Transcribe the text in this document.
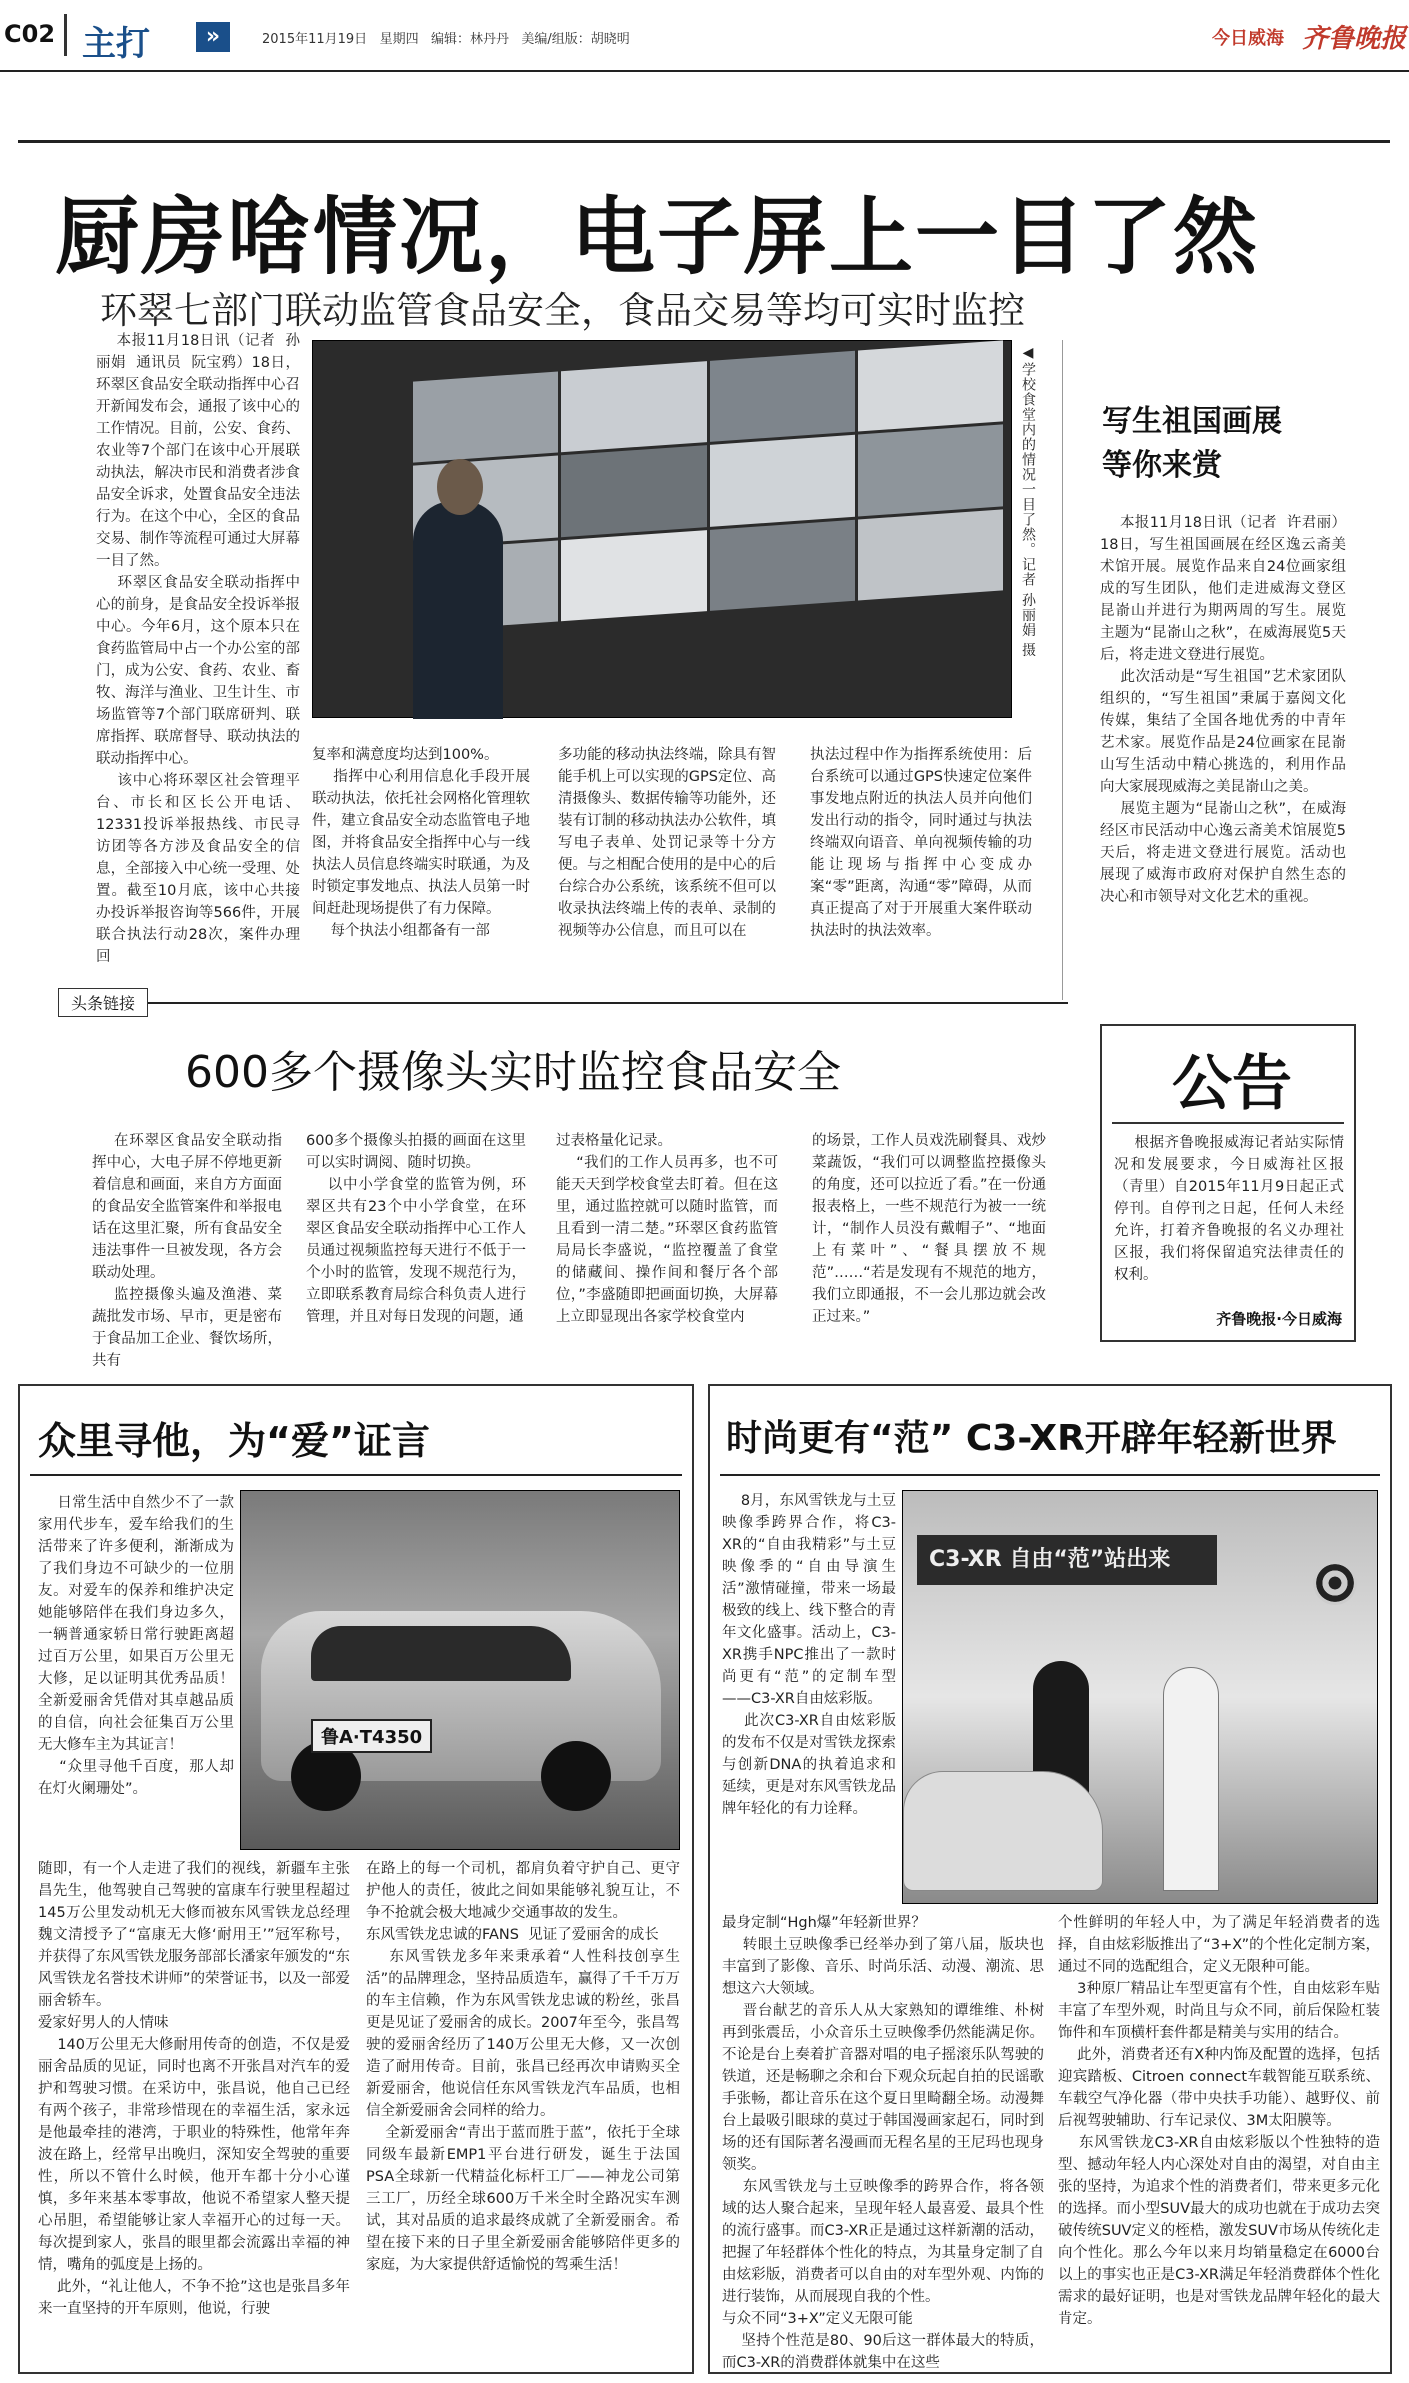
C02 主打	»	2015年11月19日   星期四   编辑：林丹丹   美编/组版：胡晓明	今日威海 齐鲁晚报
厨房啥情况，电子屏上一目了然
环翠七部门联动监管食品安全，食品交易等均可实时监控
◀学校食堂内的情况一目了然。记者 孙丽娟 摄
本报11月18日讯（记者  孙丽娟  通讯员  阮宝鸦）18日，环翠区食品安全联动指挥中心召开新闻发布会，通报了该中心的工作情况。目前，公安、食药、农业等7个部门在该中心开展联动执法，解决市民和消费者涉食品安全诉求，处置食品安全违法行为。在这个中心，全区的食品交易、制作等流程可通过大屏幕一目了然。
环翠区食品安全联动指挥中心的前身，是食品安全投诉举报中心。今年6月，这个原本只在食药监管局中占一个办公室的部门，成为公安、食药、农业、畜牧、海洋与渔业、卫生计生、市场监管等7个部门联席研判、联席指挥、联席督导、联动执法的联动指挥中心。
该中心将环翠区社会管理平台、市长和区长公开电话、12331投诉举报热线、市民寻访团等各方涉及食品安全的信息，全部接入中心统一受理、处置。截至10月底，该中心共接办投诉举报咨询等566件，开展联合执法行动28次，案件办理回
复率和满意度均达到100%。
指挥中心利用信息化手段开展联动执法，依托社会网格化管理软件，建立食品安全动态监管电子地图，并将食品安全指挥中心与一线执法人员信息终端实时联通，为及时锁定事发地点、执法人员第一时间赶赴现场提供了有力保障。
每个执法小组都备有一部
多功能的移动执法终端，除具有智能手机上可以实现的GPS定位、高清摄像头、数据传输等功能外，还装有订制的移动执法办公软件，填写电子表单、处罚记录等十分方便。与之相配合使用的是中心的后台综合办公系统，该系统不但可以收录执法终端上传的表单、录制的视频等办公信息，而且可以在
执法过程中作为指挥系统使用：后台系统可以通过GPS快速定位案件事发地点附近的执法人员并向他们发出行动的指令，同时通过与执法终端双向语音、单向视频传输的功能让现场与指挥中心变成办案“零”距离，沟通“零”障碍，从而真正提高了对于开展重大案件联动执法时的执法效率。
写生祖国画展
等你来赏
本报11月18日讯（记者  许君丽）18日，写生祖国画展在经区逸云斋美术馆开展。展览作品来自24位画家组成的写生团队，他们走进威海文登区昆嵛山并进行为期两周的写生。展览主题为“昆嵛山之秋”，在威海展览5天后，将走进文登进行展览。
此次活动是“写生祖国”艺术家团队组织的，“写生祖国”秉属于嘉阅文化传媒，集结了全国各地优秀的中青年艺术家。展览作品是24位画家在昆嵛山写生活动中精心挑选的，利用作品向大家展现威海之美昆嵛山之美。
展览主题为“昆嵛山之秋”，在威海经区市民活动中心逸云斋美术馆展览5天后，将走进文登进行展览。活动也展现了威海市政府对保护自然生态的决心和市领导对文化艺术的重视。
头条链接
600多个摄像头实时监控食品安全
在环翠区食品安全联动指挥中心，大电子屏不停地更新着信息和画面，来自方方面面的食品安全监管案件和举报电话在这里汇聚，所有食品安全违法事件一旦被发现，各方会联动处理。
监控摄像头遍及渔港、菜蔬批发市场、早市，更是密布于食品加工企业、餐饮场所，共有
600多个摄像头拍摄的画面在这里可以实时调阅、随时切换。
以中小学食堂的监管为例，环翠区共有23个中小学食堂，在环翠区食品安全联动指挥中心工作人员通过视频监控每天进行不低于一个小时的监管，发现不规范行为，立即联系教育局综合科负责人进行管理，并且对每日发现的问题，通
过表格量化记录。
“我们的工作人员再多，也不可能天天到学校食堂去盯着。但在这里，通过监控就可以随时监管，而且看到一清二楚。”环翠区食药监管局局长李盛说，“监控覆盖了食堂的储藏间、操作间和餐厅各个部位，”李盛随即把画面切换，大屏幕上立即显现出各家学校食堂内
的场景，工作人员戏洗刷餐具、戏炒菜蔬饭，“我们可以调整监控摄像头的角度，还可以拉近了看。”在一份通报表格上，一些不规范行为被一一统计，“制作人员没有戴帽子”、“地面上有菜叶”、“餐具摆放不规范”……“若是发现有不规范的地方，我们立即通报，不一会儿那边就会改正过来。”
公告
根据齐鲁晚报威海记者站实际情况和发展要求，今日威海社区报（青里）自2015年11月9日起正式停刊。自停刊之日起，任何人未经允许，打着齐鲁晚报的名义办理社区报，我们将保留追究法律责任的权利。
齐鲁晚报·今日威海
众里寻他，为“爱”证言
鲁A·T4350
日常生活中自然少不了一款家用代步车，爱车给我们的生活带来了许多便利，渐渐成为了我们身边不可缺少的一位朋友。对爱车的保养和维护决定她能够陪伴在我们身边多久，一辆普通家轿日常行驶距离超过百万公里，如果百万公里无大修，足以证明其优秀品质！全新爱丽舍凭借对其卓越品质的自信，向社会征集百万公里无大修车主为其证言！
“众里寻他千百度，那人却在灯火阑珊处”。
随即，有一个人走进了我们的视线，新疆车主张昌先生，他驾驶自己驾驶的富康车行驶里程超过145万公里发动机无大修而被东风雪铁龙总经理魏文清授予了“富康无大修‘耐用王’”冠军称号，并获得了东风雪铁龙服务部部长潘家年颁发的“东风雪铁龙名誉技术讲师”的荣誉证书，以及一部爱丽舍轿车。
爱家好男人的人情味
140万公里无大修耐用传奇的创造，不仅是爱丽舍品质的见证，同时也离不开张昌对汽车的爱护和驾驶习惯。在采访中，张昌说，他自己已经有两个孩子，非常珍惜现在的幸福生活，家永远是他最牵挂的港湾，于职业的特殊性，他常年奔波在路上，经常早出晚归，深知安全驾驶的重要性，所以不管什么时候，他开车都十分小心谨慎，多年来基本零事故，他说不希望家人整天提心吊胆，希望能够让家人幸福开心的过每一天。每次提到家人，张昌的眼里都会流露出幸福的神情，嘴角的弧度是上扬的。
此外，“礼让他人，不争不抢”这也是张昌多年来一直坚持的开车原则，他说，行驶
在路上的每一个司机，都肩负着守护自己、更守护他人的责任，彼此之间如果能够礼貌互让，不争不抢就会极大地减少交通事故的发生。
东风雪铁龙忠诚的FANS  见证了爱丽舍的成长
东风雪铁龙多年来秉承着“人性科技创享生活”的品牌理念，坚持品质造车，赢得了千千万万的车主信赖，作为东风雪铁龙忠诚的粉丝，张昌更是见证了爱丽舍的成长。2007年至今，张昌驾驶的爱丽舍经历了140万公里无大修，又一次创造了耐用传奇。目前，张昌已经再次申请购买全新爱丽舍，他说信任东风雪铁龙汽车品质，也相信全新爱丽舍会同样的给力。
全新爱丽舍“青出于蓝而胜于蓝”，依托于全球同级车最新EMP1平台进行研发，诞生于法国PSA全球新一代精益化标杆工厂——神龙公司第三工厂，历经全球600万千米全时全路况实车测试，其对品质的追求最终成就了全新爱丽舍。希望在接下来的日子里全新爱丽舍能够陪伴更多的家庭，为大家提供舒适愉悦的驾乘生活！
时尚更有“范” C3-XR开辟年轻新世界
8月，东风雪铁龙与土豆映像季跨界合作，将C3-XR的“自由我精彩”与土豆映像季的“自由导演生活”激情碰撞，带来一场最极致的线上、线下整合的青年文化盛事。活动上，C3-XR携手NPC推出了一款时尚更有“范”的定制车型——C3-XR自由炫彩版。
此次C3-XR自由炫彩版的发布不仅是对雪铁龙探索与创新DNA的执着追求和延续，更是对东风雪铁龙品牌年轻化的有力诠释。
C3-XR 自由“范”站出来
最身定制“Hgh爆”年轻新世界？
转眼土豆映像季已经举办到了第八届，版块也丰富到了影像、音乐、时尚乐活、动漫、潮流、思想这六大领域。
晋台献艺的音乐人从大家熟知的谭维维、朴树再到张震岳，小众音乐土豆映像季仍然能满足你。不论是台上奏着扩音器对唱的电子摇滚乐队驾驶的铁道，还是畅聊之余和台下观众玩起自拍的民谣歌手张畅，都让音乐在这个夏日里畸翻全场。动漫舞台上最吸引眼球的莫过于韩国漫画家起石，同时到场的还有国际著名漫画而无程名星的王尼玛也现身领奖。
东风雪铁龙与土豆映像季的跨界合作，将各领域的达人聚合起来，呈现年轻人最喜爱、最具个性的流行盛事。而C3-XR正是通过这样新潮的活动，把握了年轻群体个性化的特点，为其量身定制了自由炫彩版，消费者可以自由的对车型外观、内饰的进行装饰，从而展现自我的个性。
与众不同“3+X”定义无限可能
坚持个性范是80、90后这一群体最大的特质，而C3-XR的消费群体就集中在这些
个性鲜明的年轻人中，为了满足年轻消费者的选择，自由炫彩版推出了“3+X”的个性化定制方案，通过不同的选配组合，定义无限种可能。
3种原厂精品让车型更富有个性，自由炫彩车贴丰富了车型外观，时尚且与众不同，前后保险杠装饰件和车顶横杆套件都是精美与实用的结合。
此外，消费者还有X种内饰及配置的选择，包括迎宾踏板、Citroen connect车载智能互联系统、车载空气净化器（带中央扶手功能）、越野仪、前后视驾驶辅助、行车记录仪、3M太阳膜等。
东风雪铁龙C3-XR自由炫彩版以个性独特的造型、撼动年轻人内心深处对自由的渴望，对自由主张的坚持，为追求个性的消费者们，带来更多元化的选择。而小型SUV最大的成功也就在于成功去突破传统SUV定义的桎梏，激发SUV市场从传统化走向个性化。那么今年以来月均销量稳定在6000台以上的事实也正是C3-XR满足年轻消费群体个性化需求的最好证明，也是对雪铁龙品牌年轻化的最大肯定。
